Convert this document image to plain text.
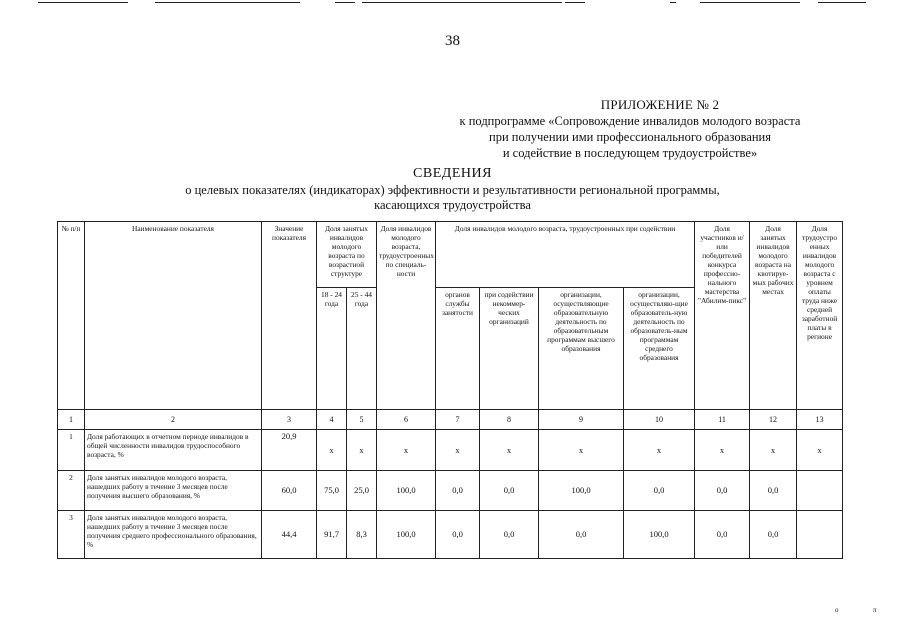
38
ПРИЛОЖЕНИЕ № 2
к подпрограмме «Сопровождение инвалидов молодого возраста
при получении ими профессионального образования
и содействие в последующем трудоустройстве»
СВЕДЕНИЯ
о целевых показателях (индикаторах) эффективности и результативности региональной программы,
касающихся трудоустройства
№ п/п	Наименование показателя	Значение показателя	Доля занятых инвалидов молодого возраста по возрастной структуре		Доля инвалидов молодого возраста, трудоустроенных по специаль-ности	Доля инвалидов молодого возраста, трудоустроенных при содействии				Доля участников и/или победителей конкурса профессио-нального мастерства "Абилим-пикс"	Доля занятых инвалидов молодого возраста на квотируе-мых рабочих местах	Доля трудоустро енных инвалидов молодого возраста с уровнем оплаты труда ниже средней заработной платы в регионе
			18 - 24 года	25 - 44 года		органов службы занятости	при содействии некоммер-ческих организаций	организации, осуществляющие образовательную деятельность по образовательным программам высшего образования	организации, осуществляю-щие образователь-ную деятельность по образователь-ным программам среднего образования			
1	2	3	4	5	6	7	8	9	10	11	12	13
1	Доля работающих в отчетном периоде инвалидов в общей численности инвалидов трудоспособного возраста, %	20,9	x	x	x	x	x	x	x	x	x	x
2	Доля занятых инвалидов молодого возраста, нашедших работу в течение 3 месяцев после получения высшего образования, %	60,0	75,0	25,0	100,0	0,0	0,0	100,0	0,0	0,0	0,0	
3	Доля занятых инвалидов молодого возраста, нашедших работу в течение 3 месяцев после получения среднего профессионального образования, %	44,4	91,7	8,3	100,0	0,0	0,0	0,0	100,0	0,0	0,0	
ο	π
